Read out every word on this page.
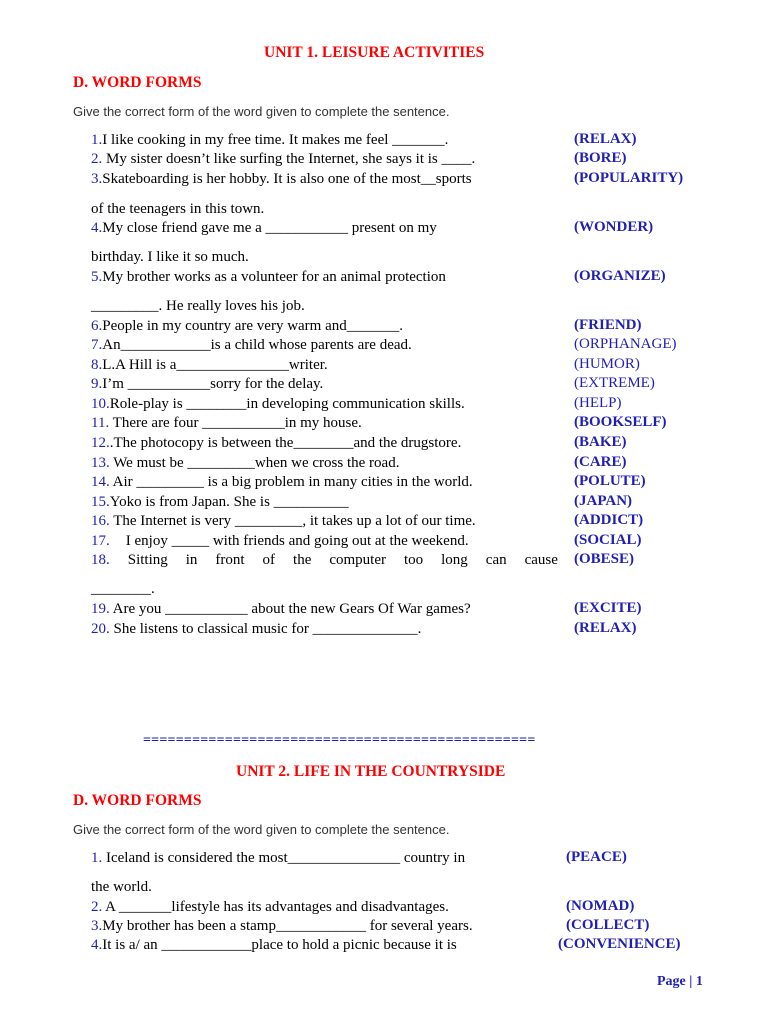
UNIT 1. LEISURE ACTIVITIES
D. WORD FORMS
Give the correct form of the word given to complete the sentence.
1.I like cooking in my free time. It makes me feel _______.	(RELAX)
2. My sister doesn’t like surfing the Internet, she says it is ____.	(BORE)
3.Skateboarding is her hobby. It is also one of the most__sports	(POPULARITY)
of the teenagers in this town.
4.My close friend gave me a ___________ present on my	(WONDER)
birthday. I like it so much.
5.My brother works as a volunteer for an animal protection	(ORGANIZE)
_________. He really loves his job.
6.People in my country are very warm and_______.	(FRIEND)
7.An____________is a child whose parents are dead.	(ORPHANAGE)
8.L.A Hill is a_______________writer.	(HUMOR)
9.I’m ___________sorry for the delay.	(EXTREME)
10.Role-play is ________in developing communication skills.	(HELP)
11. There are four ___________in my house.	(BOOKSELF)
12..The photocopy is between the________and the drugstore.	(BAKE)
13. We must be _________when we cross the road.	(CARE)
14. Air _________ is a big problem in many cities in the world.	(POLUTE)
15.Yoko is from Japan. She is __________	(JAPAN)
16. The Internet is very _________, it takes up a lot of our time.	(ADDICT)
17. I enjoy _____ with friends and going out at the weekend.	(SOCIAL)
18. Sitting in front of the computer too long can cause (OBESE)
________.
19. Are you ___________ about the new Gears Of War games?	(EXCITE)
20. She listens to classical music for ______________.	(RELAX)
================================================
UNIT 2. LIFE IN THE COUNTRYSIDE
D. WORD FORMS
Give the correct form of the word given to complete the sentence.
1. Iceland is considered the most_______________ country in	(PEACE)
the world.
2. A _______lifestyle has its advantages and disadvantages.	(NOMAD)
3.My brother has been a stamp____________ for several years.	(COLLECT)
4.It is a/ an ____________place to hold a picnic because it is	(CONVENIENCE)
Page | 1
